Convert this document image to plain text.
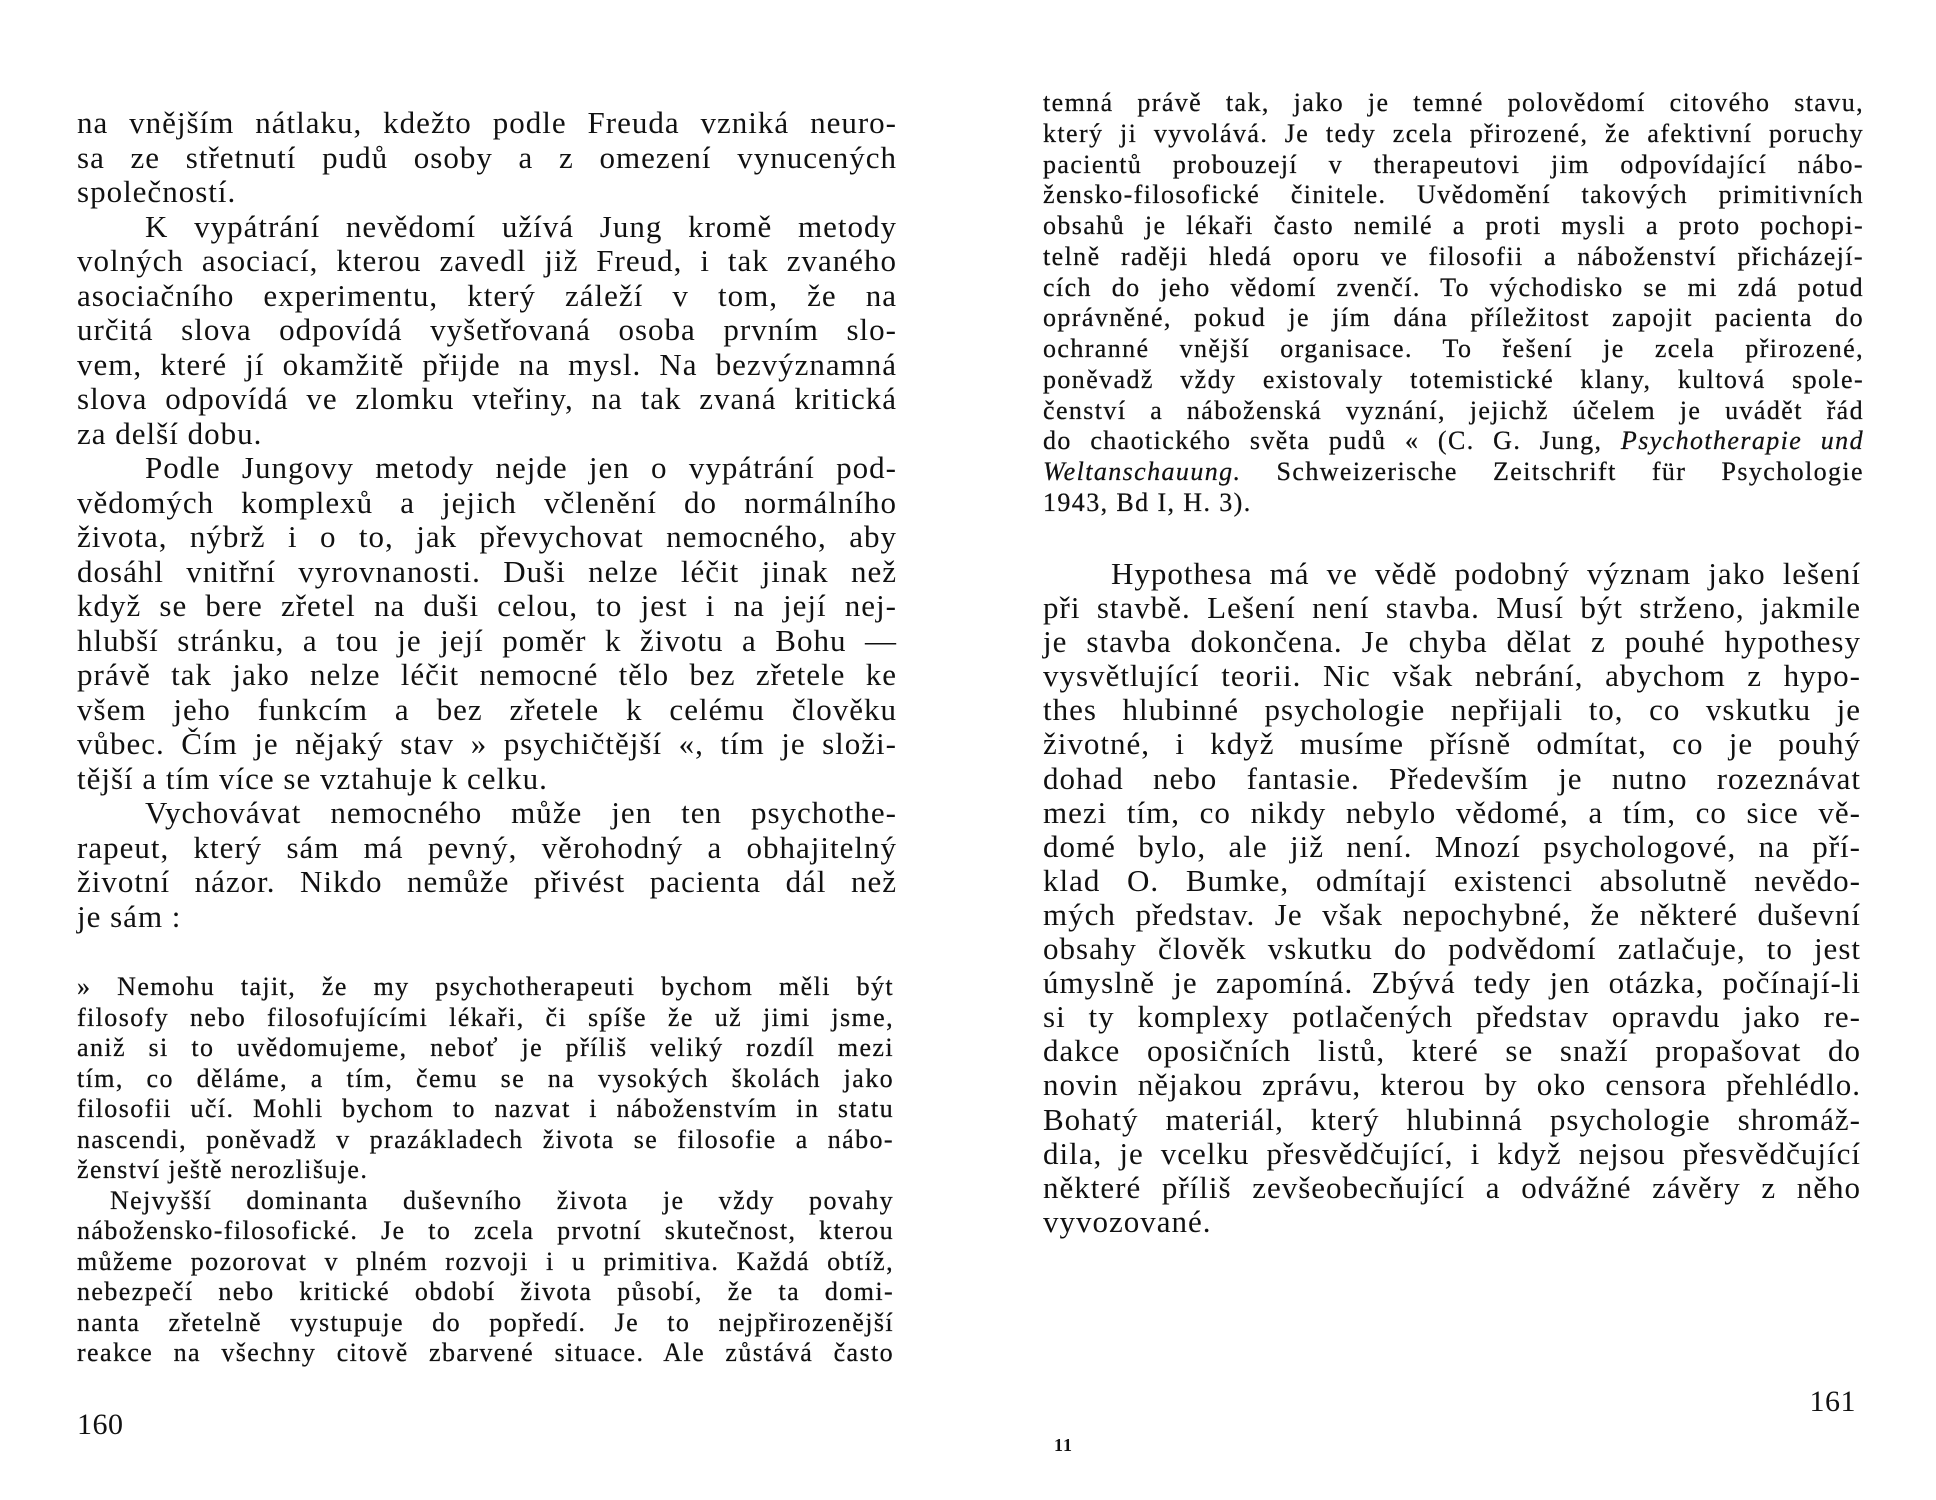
na vnějším nátlaku, kdežto podle Freuda vzniká neuro-
sa ze střetnutí pudů osoby a z omezení vynucených
společností.
K vypátrání nevědomí užívá Jung kromě metody
volných asociací, kterou zavedl již Freud, i tak zvaného
asociačního experimentu, který záleží v tom, že na
určitá slova odpovídá vyšetřovaná osoba prvním slo-
vem, které jí okamžitě přijde na mysl. Na bezvýznamná
slova odpovídá ve zlomku vteřiny, na tak zvaná kritická
za delší dobu.
Podle Jungovy metody nejde jen o vypátrání pod-
vědomých komplexů a jejich včlenění do normálního
života, nýbrž i o to, jak převychovat nemocného, aby
dosáhl vnitřní vyrovnanosti. Duši nelze léčit jinak než
když se bere zřetel na duši celou, to jest i na její nej-
hlubší stránku, a tou je její poměr k životu a Bohu —
právě tak jako nelze léčit nemocné tělo bez zřetele ke
všem jeho funkcím a bez zřetele k celému člověku
vůbec. Čím je nějaký stav » psychičtější «, tím je složi-
tější a tím více se vztahuje k celku.
Vychovávat nemocného může jen ten psychothe-
rapeut, který sám má pevný, věrohodný a obhajitelný
životní názor. Nikdo nemůže přivést pacienta dál než
je sám :
» Nemohu tajit, že my psychotherapeuti bychom měli být
filosofy nebo filosofujícími lékaři, či spíše že už jimi jsme,
aniž si to uvědomujeme, neboť je příliš veliký rozdíl mezi
tím, co děláme, a tím, čemu se na vysokých školách jako
filosofii učí. Mohli bychom to nazvat i náboženstvím in statu
nascendi, poněvadž v prazákladech života se filosofie a nábo-
ženství ještě nerozlišuje.
Nejvyšší dominanta duševního života je vždy povahy
nábožensko-filosofické. Je to zcela prvotní skutečnost, kterou
můžeme pozorovat v plném rozvoji i u primitiva. Každá obtíž,
nebezpečí nebo kritické období života působí, že ta domi-
nanta zřetelně vystupuje do popředí. Je to nejpřirozenější
reakce na všechny citově zbarvené situace. Ale zůstává často
160
temná právě tak, jako je temné polovědomí citového stavu,
který ji vyvolává. Je tedy zcela přirozené, že afektivní poruchy
pacientů probouzejí v therapeutovi jim odpovídající nábo-
žensko-filosofické činitele. Uvědomění takových primitivních
obsahů je lékaři často nemilé a proti mysli a proto pochopi-
telně raději hledá oporu ve filosofii a náboženství přicházejí-
cích do jeho vědomí zvenčí. To východisko se mi zdá potud
oprávněné, pokud je jím dána příležitost zapojit pacienta do
ochranné vnější organisace. To řešení je zcela přirozené,
poněvadž vždy existovaly totemistické klany, kultová spole-
čenství a náboženská vyznání, jejichž účelem je uvádět řád
do chaotického světa pudů « (C. G. Jung, Psychotherapie und
Weltanschauung. Schweizerische Zeitschrift für Psychologie
1943, Bd I, H. 3).
Hypothesa má ve vědě podobný význam jako lešení
při stavbě. Lešení není stavba. Musí být strženo, jakmile
je stavba dokončena. Je chyba dělat z pouhé hypothesy
vysvětlující teorii. Nic však nebrání, abychom z hypo-
thes hlubinné psychologie nepřijali to, co vskutku je
životné, i když musíme přísně odmítat, co je pouhý
dohad nebo fantasie. Především je nutno rozeznávat
mezi tím, co nikdy nebylo vědomé, a tím, co sice vě-
domé bylo, ale již není. Mnozí psychologové, na pří-
klad O. Bumke, odmítají existenci absolutně nevědo-
mých představ. Je však nepochybné, že některé duševní
obsahy člověk vskutku do podvědomí zatlačuje, to jest
úmyslně je zapomíná. Zbývá tedy jen otázka, počínají-li
si ty komplexy potlačených představ opravdu jako re-
dakce oposičních listů, které se snaží propašovat do
novin nějakou zprávu, kterou by oko censora přehlédlo.
Bohatý materiál, který hlubinná psychologie shromáž-
dila, je vcelku přesvědčující, i když nejsou přesvědčující
některé příliš zevšeobecňující a odvážné závěry z něho
vyvozované.
161
11
